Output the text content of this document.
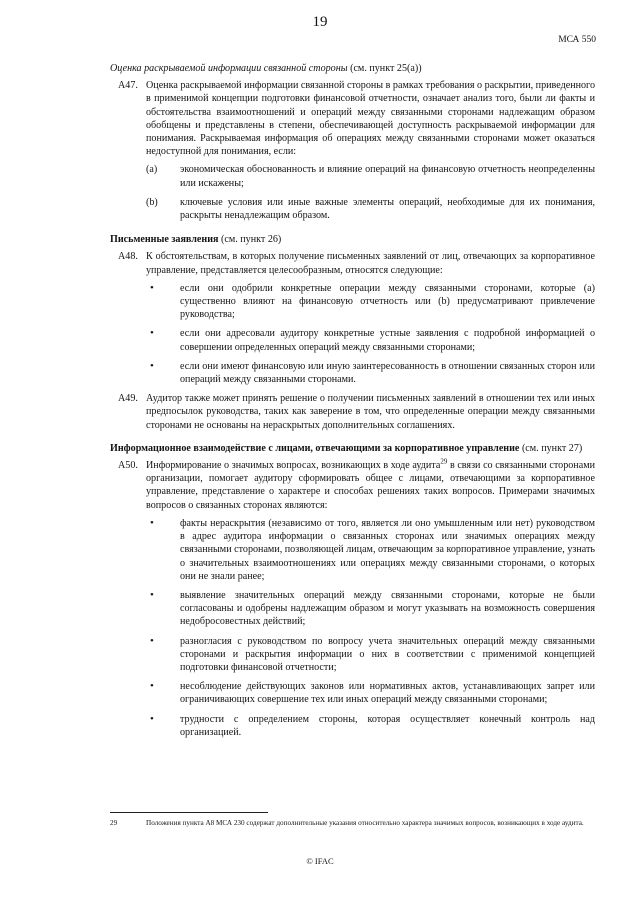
19
МСА 550
Оценка раскрываемой информации связанной стороны (см. пункт 25(a))
A47. Оценка раскрываемой информации связанной стороны в рамках требования о раскрытии, приведенного в применимой концепции подготовки финансовой отчетности, означает анализ того, были ли факты и обстоятельства взаимоотношений и операций между связанными сторонами надлежащим образом обобщены и представлены в степени, обеспечивающей доступность раскрываемой информации для понимания. Раскрываемая информация об операциях между связанными сторонами может оказаться недоступной для понимания, если:
(a)	экономическая обоснованность и влияние операций на финансовую отчетность неопределенны или искажены;
(b)	ключевые условия или иные важные элементы операций, необходимые для их понимания, раскрыты ненадлежащим образом.
Письменные заявления (см. пункт 26)
A48. К обстоятельствам, в которых получение письменных заявлений от лиц, отвечающих за корпоративное управление, представляется целесообразным, относятся следующие:
•	если они одобрили конкретные операции между связанными сторонами, которые (a) существенно влияют на финансовую отчетность или (b) предусматривают привлечение руководства;
•	если они адресовали аудитору конкретные устные заявления с подробной информацией о совершении определенных операций между связанными сторонами;
•	если они имеют финансовую или иную заинтересованность в отношении связанных сторон или операций между связанными сторонами.
A49. Аудитор также может принять решение о получении письменных заявлений в отношении тех или иных предпосылок руководства, таких как заверение в том, что определенные операции между связанными сторонами не основаны на нераскрытых дополнительных соглашениях.
Информационное взаимодействие с лицами, отвечающими за корпоративное управление (см. пункт 27)
A50. Информирование о значимых вопросах, возникающих в ходе аудита$^{29}$ в связи со связанными сторонами организации, помогает аудитору сформировать общее с лицами, отвечающими за корпоративное управление, представление о характере и способах решениях таких вопросов. Примерами значимых вопросов о связанных сторонах являются:
•	факты нераскрытия (независимо от того, является ли оно умышленным или нет) руководством в адрес аудитора информации о связанных сторонах или значимых операциях между связанными сторонами, позволяющей лицам, отвечающим за корпоративное управление, узнать о значительных взаимоотношениях или операциях между связанными сторонами, о которых они не знали ранее;
•	выявление значительных операций между связанными сторонами, которые не были согласованы и одобрены надлежащим образом и могут указывать на возможность совершения недобросовестных действий;
•	разногласия с руководством по вопросу учета значительных операций между связанными сторонами и раскрытия информации о них в соответствии с применимой концепцией подготовки финансовой отчетности;
•	несоблюдение действующих законов или нормативных актов, устанавливающих запрет или ограничивающих совершение тех или иных операций между связанными сторонами;
•	трудности с определением стороны, которая осуществляет конечный контроль над организацией.
29	Положения пункта A8 МСА 230 содержат дополнительные указания относительно характера значимых вопросов, возникающих в ходе аудита.
© IFAC
